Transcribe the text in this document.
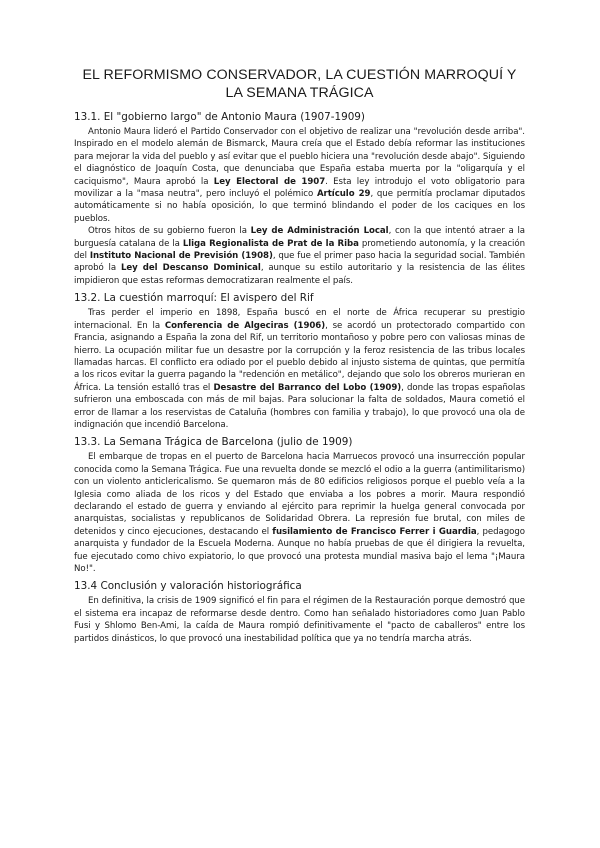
EL REFORMISMO CONSERVADOR, LA CUESTIÓN MARROQUÍ Y LA SEMANA TRÁGICA
13.1. El "gobierno largo" de Antonio Maura (1907-1909)

Antonio Maura lideró el Partido Conservador con el objetivo de realizar una "revolución desde arriba". Inspirado en el modelo alemán de Bismarck, Maura creía que el Estado debía reformar las instituciones para mejorar la vida del pueblo y así evitar que el pueblo hiciera una "revolución desde abajo". Siguiendo el diagnóstico de Joaquín Costa, que denunciaba que España estaba muerta por la "oligarquía y el caciquismo", Maura aprobó la Ley Electoral de 1907. Esta ley introdujo el voto obligatorio para movilizar a la "masa neutra", pero incluyó el polémico Artículo 29, que permitía proclamar diputados automáticamente si no había oposición, lo que terminó blindando el poder de los caciques en los pueblos.

Otros hitos de su gobierno fueron la Ley de Administración Local, con la que intentó atraer a la burguesía catalana de la Lliga Regionalista de Prat de la Riba prometiendo autonomía, y la creación del Instituto Nacional de Previsión (1908), que fue el primer paso hacia la seguridad social. También aprobó la Ley del Descanso Dominical, aunque su estilo autoritario y la resistencia de las élites impidieron que estas reformas democratizaran realmente el país.

13.2. La cuestión marroquí: El avispero del Rif

Tras perder el imperio en 1898, España buscó en el norte de África recuperar su prestigio internacional. En la Conferencia de Algeciras (1906), se acordó un protectorado compartido con Francia, asignando a España la zona del Rif, un territorio montañoso y pobre pero con valiosas minas de hierro. La ocupación militar fue un desastre por la corrupción y la feroz resistencia de las tribus locales llamadas harcas. El conflicto era odiado por el pueblo debido al injusto sistema de quintas, que permitía a los ricos evitar la guerra pagando la "redención en metálico", dejando que solo los obreros murieran en África. La tensión estalló tras el Desastre del Barranco del Lobo (1909), donde las tropas españolas sufrieron una emboscada con más de mil bajas. Para solucionar la falta de soldados, Maura cometió el error de llamar a los reservistas de Cataluña (hombres con familia y trabajo), lo que provocó una ola de indignación que incendió Barcelona.

13.3. La Semana Trágica de Barcelona (julio de 1909)

El embarque de tropas en el puerto de Barcelona hacia Marruecos provocó una insurrección popular conocida como la Semana Trágica. Fue una revuelta donde se mezcló el odio a la guerra (antimilitarismo) con un violento anticlericalismo. Se quemaron más de 80 edificios religiosos porque el pueblo veía a la Iglesia como aliada de los ricos y del Estado que enviaba a los pobres a morir. Maura respondió declarando el estado de guerra y enviando al ejército para reprimir la huelga general convocada por anarquistas, socialistas y republicanos de Solidaridad Obrera. La represión fue brutal, con miles de detenidos y cinco ejecuciones, destacando el fusilamiento de Francisco Ferrer i Guardia, pedagogo anarquista y fundador de la Escuela Moderna. Aunque no había pruebas de que él dirigiera la revuelta, fue ejecutado como chivo expiatorio, lo que provocó una protesta mundial masiva bajo el lema "¡Maura No!".

13.4 Conclusión y valoración historiográfica

En definitiva, la crisis de 1909 significó el fin para el régimen de la Restauración porque demostró que el sistema era incapaz de reformarse desde dentro. Como han señalado historiadores como Juan Pablo Fusi y Shlomo Ben-Ami, la caída de Maura rompió definitivamente el "pacto de caballeros" entre los partidos dinásticos, lo que provocó una inestabilidad política que ya no tendría marcha atrás.
